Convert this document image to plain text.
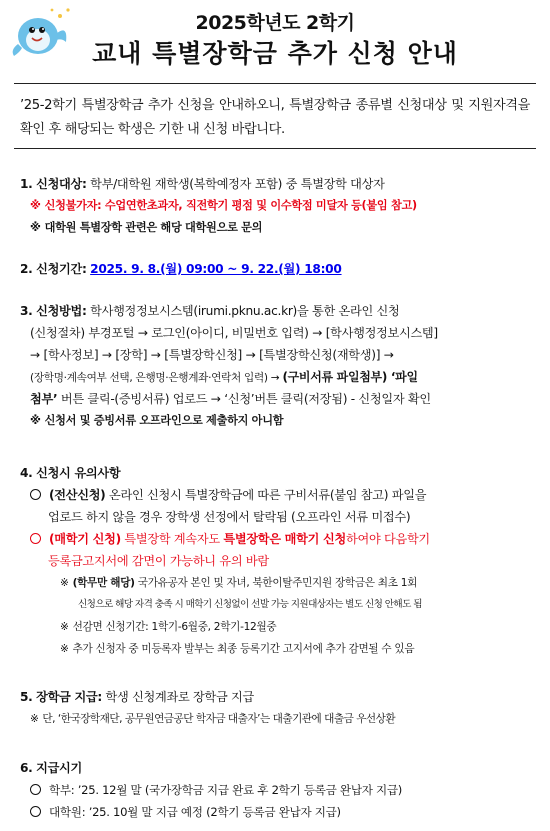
2025학년도 2학기
교내 특별장학금 추가 신청 안내
’25-2학기 특별장학금 추가 신청을 안내하오니, 특별장학금 종류별 신청대상 및 지원자격을 확인 후 해당되는 학생은 기한 내 신청 바랍니다.
1. 신청대상: 학부/대학원 재학생(복학예정자 포함) 중 특별장학 대상자
※ 신청불가자: 수업연한초과자, 직전학기 평점 및 이수학점 미달자 등(붙임 참고)
※ 대학원 특별장학 관련은 해당 대학원으로 문의
2. 신청기간: 2025. 9. 8.(월) 09:00 ~ 9. 22.(월) 18:00
3. 신청방법: 학사행정정보시스템(irumi.pknu.ac.kr)을 통한 온라인 신청
(신청절차) 부경포털 → 로그인(아이디, 비밀번호 입력) → [학사행정정보시스템]
→ [학사정보] → [장학] → [특별장학신청] → [특별장학신청(재학생)] →
(장학명·계속여부 선택, 은행명·은행계좌·연락처 입력) → (구비서류 파일첨부) ‘파일
첨부’ 버튼 클릭-(증빙서류) 업로드 → ‘신청’버튼 클릭(저장됨) - 신청일자 확인
※ 신청서 및 증빙서류 오프라인으로 제출하지 아니함
4. 신청시 유의사항
(전산신청) 온라인 신청시 특별장학금에 따른 구비서류(붙임 참고) 파일을
업로드 하지 않을 경우 장학생 선정에서 탈락됨 (오프라인 서류 미접수)
(매학기 신청) 특별장학 계속자도 특별장학은 매학기 신청하여야 다음학기
등록금고지서에 감면이 가능하니 유의 바람
※ (학무만 해당) 국가유공자 본인 및 자녀, 북한이탈주민지원 장학금은 최초 1회
신청으로 해당 자격 충족 시 매학기 신청없이 선발 가능 지원대상자는 별도 신청 안해도 됨
※ 선감면 신청기간: 1학기-6월중, 2학기-12월중
※ 추가 신청자 중 미등록자 발부는 최종 등록기간 고지서에 추가 감면될 수 있음
5. 장학금 지급: 학생 신청계좌로 장학금 지급
※ 단, ‘한국장학재단, 공무원연금공단 학자금 대출자’는 대출기관에 대출금 우선상환
6. 지급시기
학부: ’25. 12월 말 (국가장학금 지급 완료 후 2학기 등록금 완납자 지급)
대학원: ’25. 10월 말 지급 예정 (2학기 등록금 완납자 지급)
